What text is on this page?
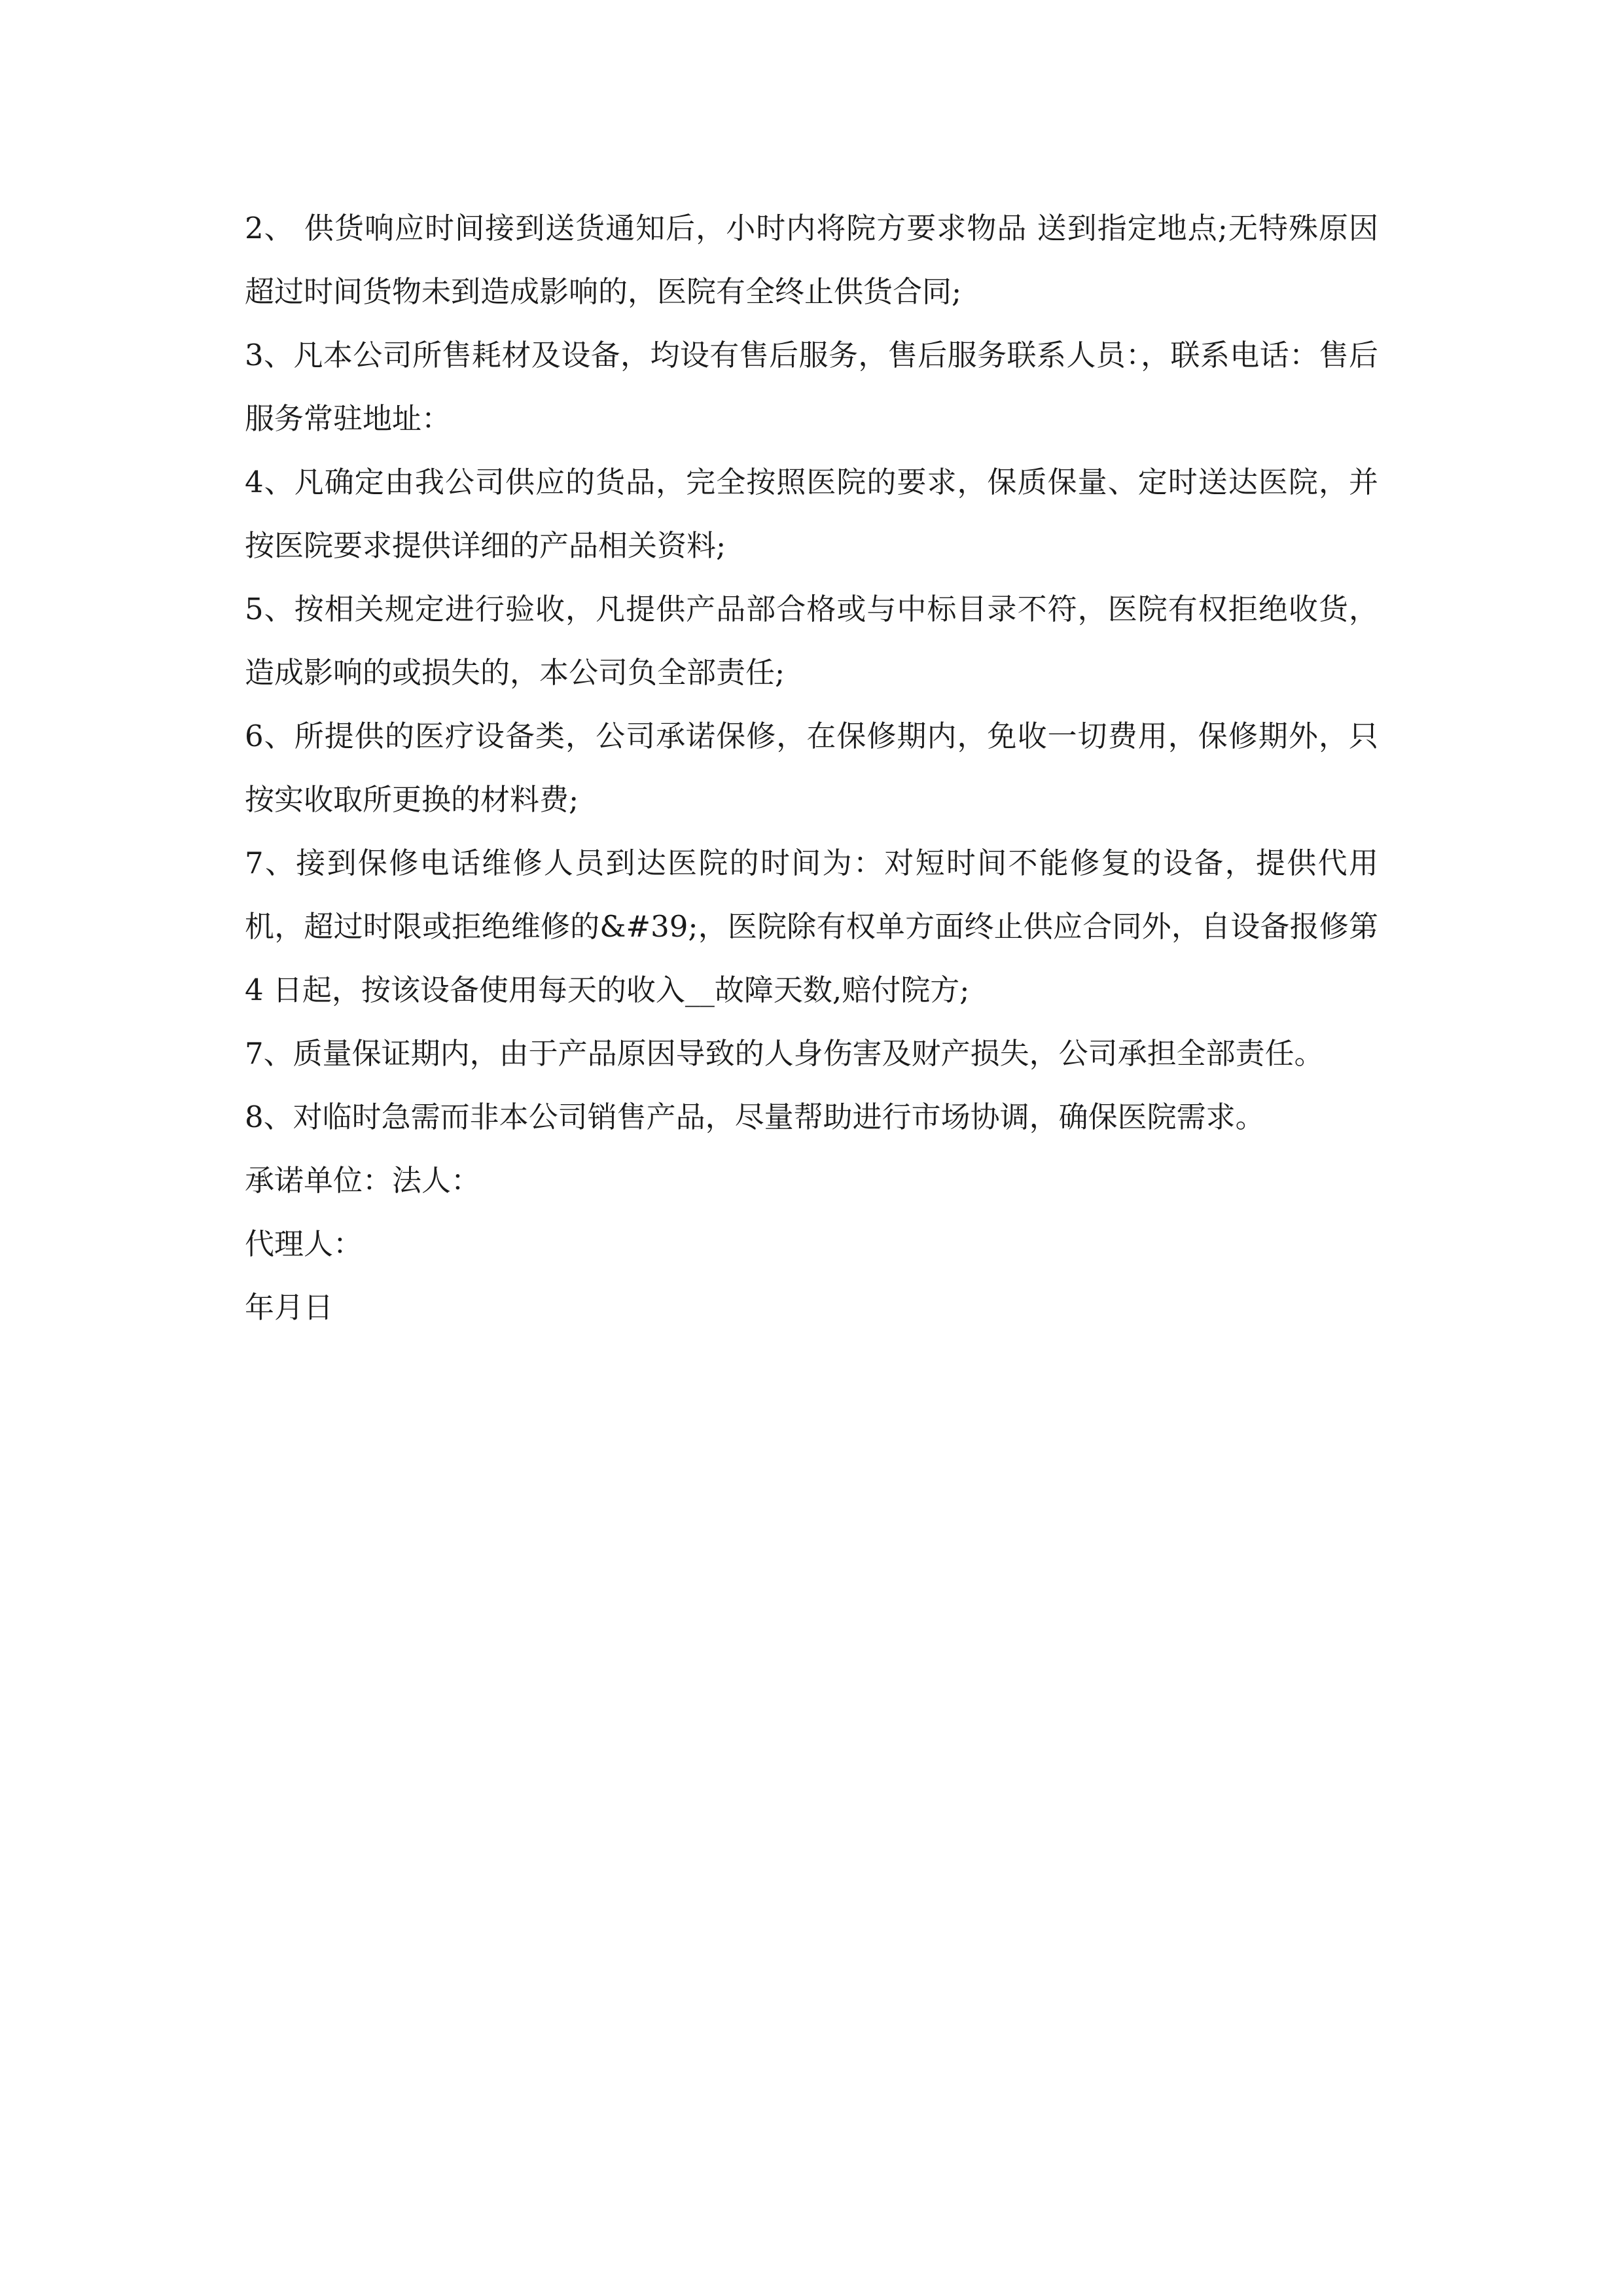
2、 供货响应时间接到送货通知后，小时内将院方要求物品 送到指定地点;无特殊原因超过时间货物未到造成影响的，医院有全终止供货合同;

3、凡本公司所售耗材及设备，均设有售后服务，售后服务联系人员：，联系电话：售后服务常驻地址：

4、凡确定由我公司供应的货品，完全按照医院的要求，保质保量、定时送达医院，并按医院要求提供详细的产品相关资料;

5、按相关规定进行验收，凡提供产品部合格或与中标目录不符，医院有权拒绝收货，造成影响的或损失的，本公司负全部责任;

6、所提供的医疗设备类，公司承诺保修，在保修期内，免收一切费用，保修期外，只按实收取所更换的材料费;

7、接到保修电话维修人员到达医院的时间为：对短时间不能修复的设备，提供代用机，超过时限或拒绝维修的&#39;，医院除有权单方面终止供应合同外，自设备报修第 4 日起，按该设备使用每天的收入__故障天数,赔付院方;

7、质量保证期内，由于产品原因导致的人身伤害及财产损失，公司承担全部责任。

8、对临时急需而非本公司销售产品，尽量帮助进行市场协调，确保医院需求。

承诺单位：法人：

代理人：

年月日
